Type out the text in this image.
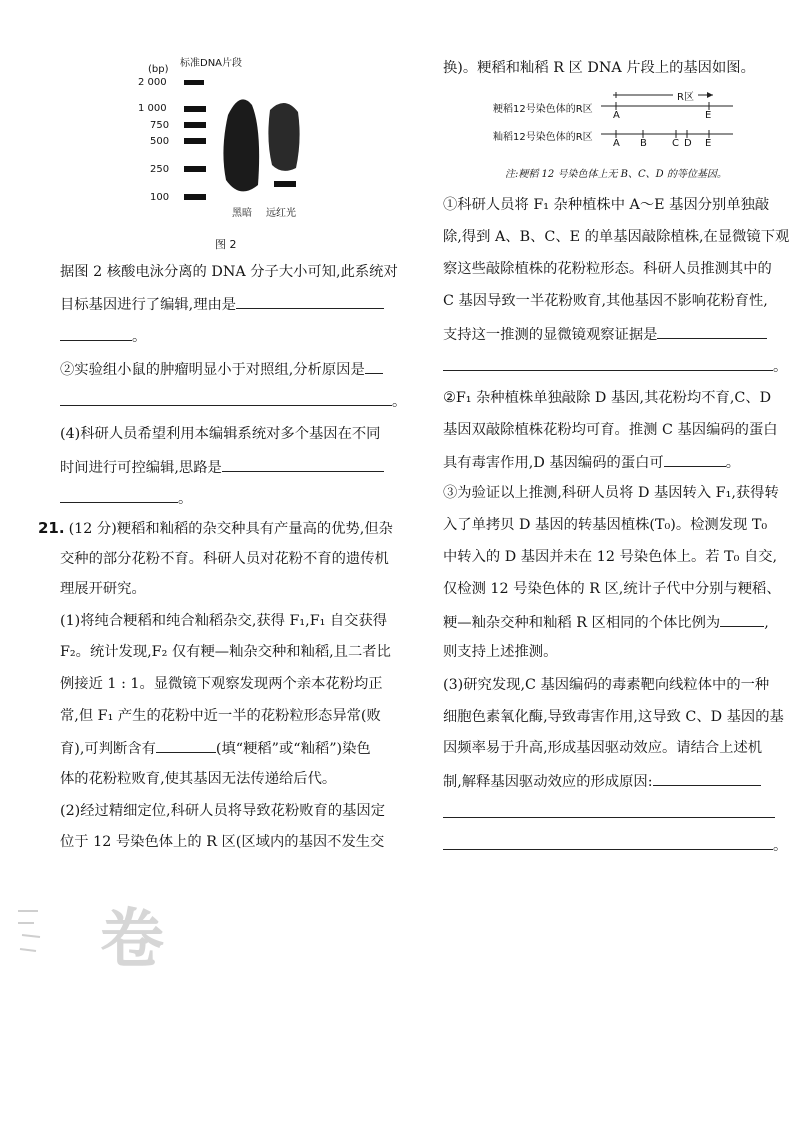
标准DNA片段
(bp)
2 000
1 000
750
500
250
100
黑暗 远红光
图 2
据图 2 核酸电泳分离的 DNA 分子大小可知,此系统对
目标基因进行了编辑,理由是
。
②实验组小鼠的肿瘤明显小于对照组,分析原因是
。
(4)科研人员希望利用本编辑系统对多个基因在不同
时间进行可控编辑,思路是
。
21. (12 分)粳稻和籼稻的杂交种具有产量高的优势,但杂
交种的部分花粉不育。科研人员对花粉不育的遗传机
理展开研究。
(1)将纯合粳稻和纯合籼稻杂交,获得 F₁,F₁ 自交获得
F₂。统计发现,F₂ 仅有粳—籼杂交种和籼稻,且二者比
例接近 1 : 1。显微镜下观察发现两个亲本花粉均正
常,但 F₁ 产生的花粉中近一半的花粉粒形态异常(败
育),可判断含有	(填“粳稻”或“籼稻”)染色
体的花粉粒败育,使其基因无法传递给后代。
(2)经过精细定位,科研人员将导致花粉败育的基因定
位于 12 号染色体上的 R 区(区域内的基因不发生交
换)。粳稻和籼稻 R 区 DNA 片段上的基因如图。
粳稻12号染色体的R区
籼稻12号染色体的R区
R区
A	E
A B	C D E
注:粳稻 12 号染色体上无 B、C、D 的等位基因。
①科研人员将 F₁ 杂种植株中 A～E 基因分别单独敲
除,得到 A、B、C、E 的单基因敲除植株,在显微镜下观
察这些敲除植株的花粉粒形态。科研人员推测其中的
C 基因导致一半花粉败育,其他基因不影响花粉育性,
支持这一推测的显微镜观察证据是
。
②F₁ 杂种植株单独敲除 D 基因,其花粉均不育,C、D
基因双敲除植株花粉均可育。推测 C 基因编码的蛋白
具有毒害作用,D 基因编码的蛋白可	。
③为验证以上推测,科研人员将 D 基因转入 F₁,获得转
入了单拷贝 D 基因的转基因植株(T₀)。检测发现 T₀
中转入的 D 基因并未在 12 号染色体上。若 T₀ 自交,
仅检测 12 号染色体的 R 区,统计子代中分别与粳稻、
粳—籼杂交种和籼稻 R 区相同的个体比例为	,
则支持上述推测。
(3)研究发现,C 基因编码的毒素靶向线粒体中的一种
细胞色素氧化酶,导致毒害作用,这导致 C、D 基因的基
因频率易于升高,形成基因驱动效应。请结合上述机
制,解释基因驱动效应的形成原因:
。
卷
